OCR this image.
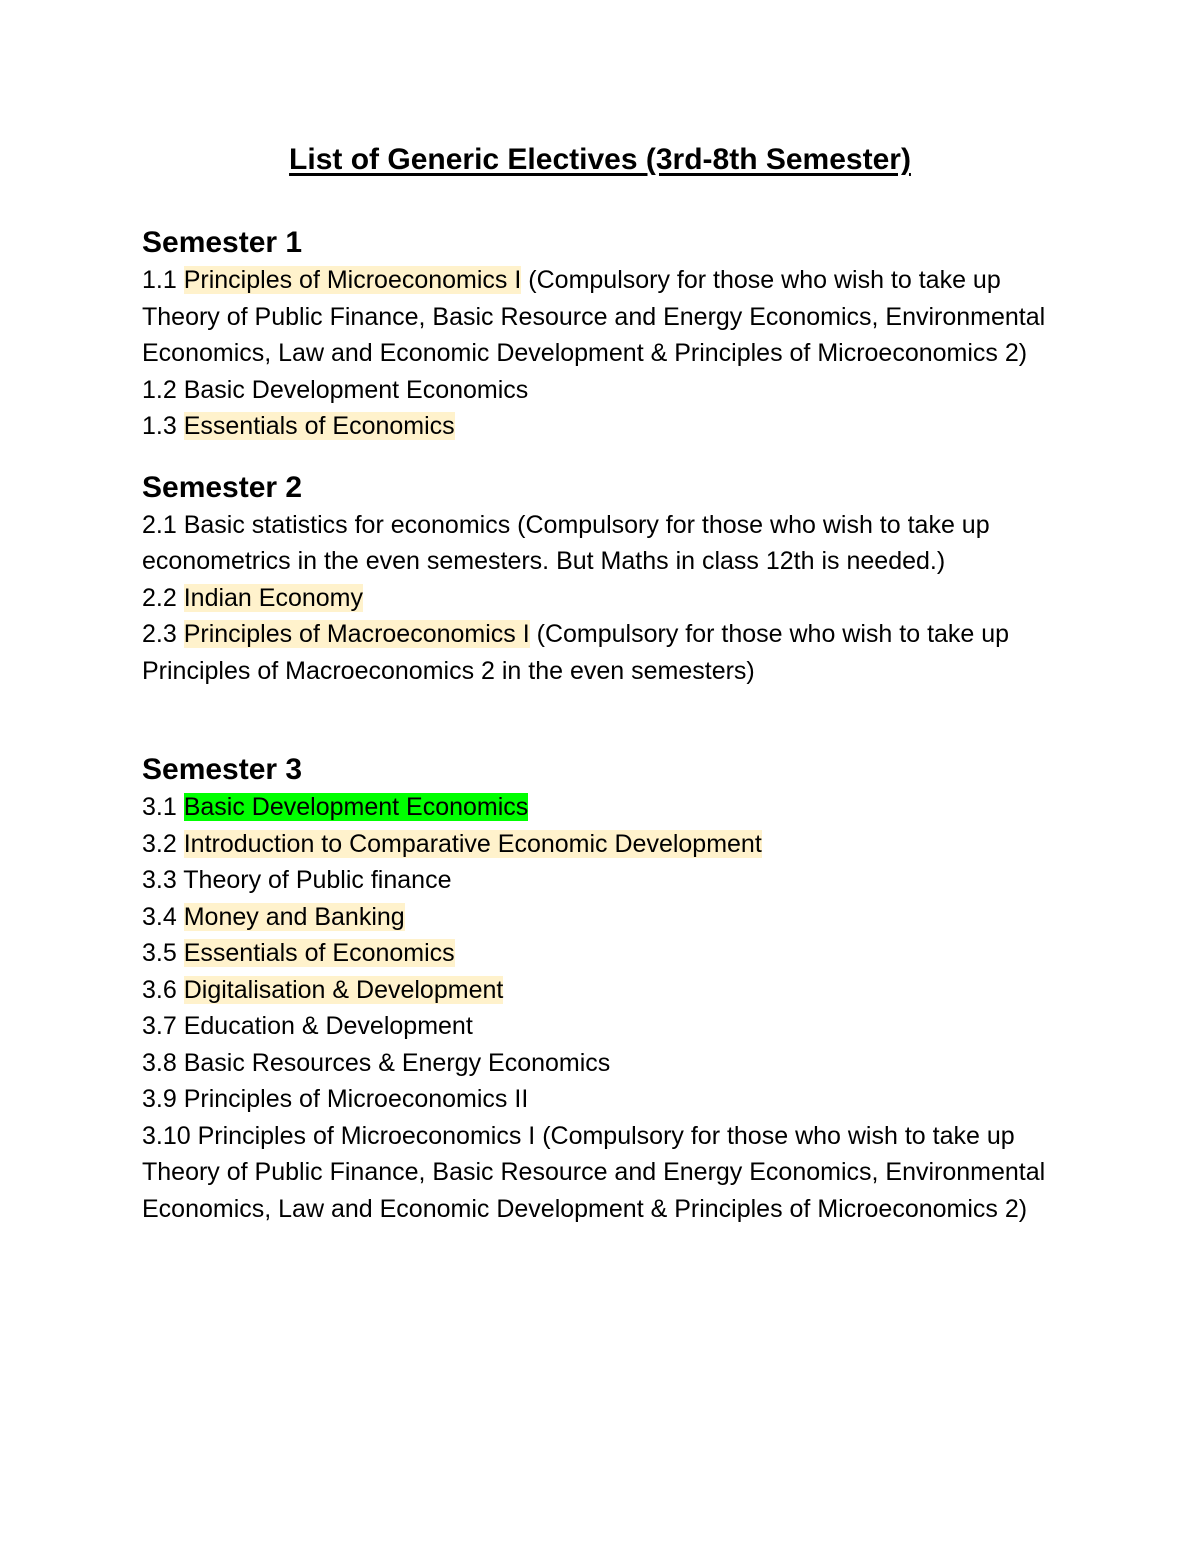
List of Generic Electives (3rd-8th Semester)
Semester 1
1.1 Principles of Microeconomics I (Compulsory for those who wish to take up Theory of Public Finance, Basic Resource and Energy Economics, Environmental Economics, Law and Economic Development & Principles of Microeconomics 2)
1.2 Basic Development Economics
1.3 Essentials of Economics
Semester 2
2.1 Basic statistics for economics (Compulsory for those who wish to take up econometrics in the even semesters. But Maths in class 12th is needed.)
2.2 Indian Economy
2.3 Principles of Macroeconomics I (Compulsory for those who wish to take up Principles of Macroeconomics 2 in the even semesters)
Semester 3
3.1 Basic Development Economics
3.2 Introduction to Comparative Economic Development
3.3 Theory of Public finance
3.4 Money and Banking
3.5 Essentials of Economics
3.6 Digitalisation & Development
3.7 Education & Development
3.8 Basic Resources & Energy Economics
3.9 Principles of Microeconomics II
3.10 Principles of Microeconomics I (Compulsory for those who wish to take up Theory of Public Finance, Basic Resource and Energy Economics, Environmental Economics, Law and Economic Development & Principles of Microeconomics 2)
